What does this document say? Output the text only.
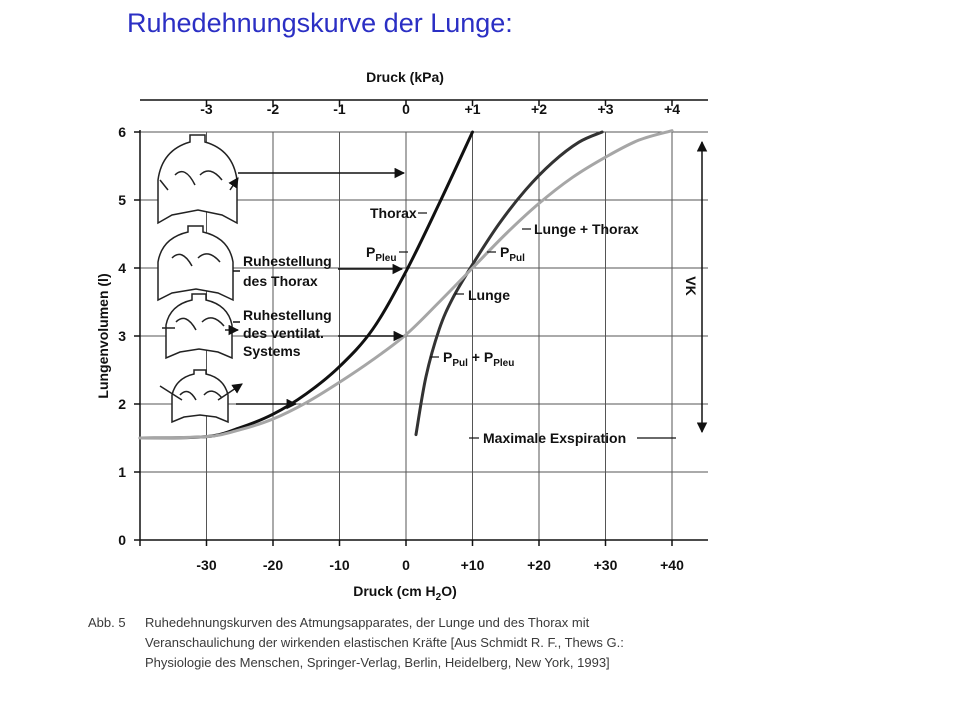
Ruhedehnungskurve der Lunge:
-30	-20	-10	0	+10	+20	+30	+40
-3	-2	-1	0	+1	+2	+3	+4
0
1
2
3
4
5
6
Thorax
$P_{Pleu}$
Ruhestellung
des Thorax
Ruhestellung
des ventilat.
Systems
Lunge + Thorax
$P_{Pul}$
Lunge
$P_{Pul} + P_{Pleu}$
Maximale Exspiration
VK
Druck (kPa)
Druck (cm $H_2O$)
Lungenvolumen (l)
Abb. 5 Ruhedehnungskurven des Atmungsapparates, der Lunge und des Thorax mit
Veranschaulichung der wirkenden elastischen Kräfte [Aus Schmidt R. F., Thews G.:
Physiologie des Menschen, Springer-Verlag, Berlin, Heidelberg, New York, 1993]
